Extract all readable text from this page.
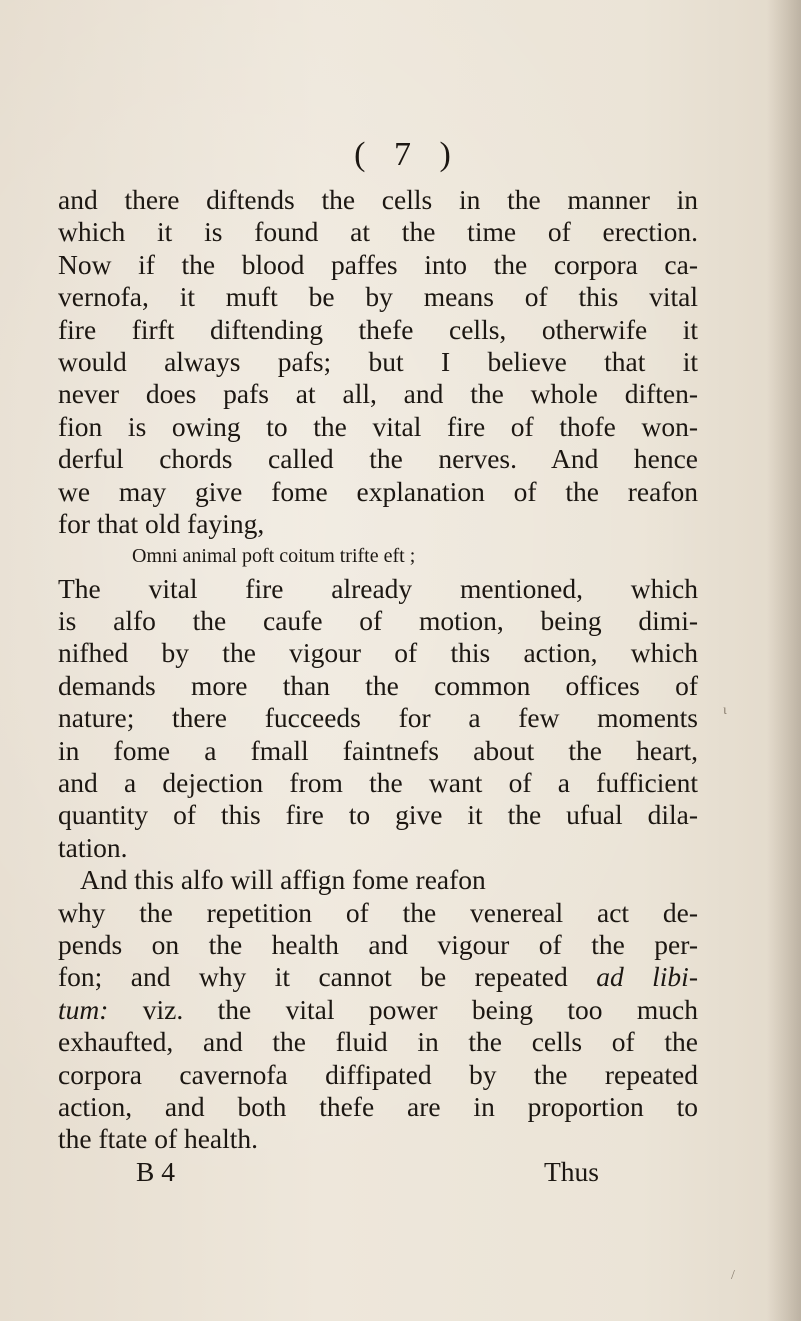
( 7 )
and there diftends the cells in the manner in
which it is found at the time of erection.
Now if the blood paffes into the corpora ca-
vernofa, it muft be by means of this vital
fire firft diftending thefe cells, otherwife it
would always pafs; but I believe that it
never does pafs at all, and the whole diften-
fion is owing to the vital fire of thofe won-
derful chords called the nerves. And hence
we may give fome explanation of the reafon
for that old faying,
Omni animal poft coitum trifte eft ;
The vital fire already mentioned, which
is alfo the caufe of motion, being dimi-
nifhed by the vigour of this action, which
demands more than the common offices of
nature; there fucceeds for a few moments
in fome a fmall faintnefs about the heart,
and a dejection from the want of a fufficient
quantity of this fire to give it the ufual dila-
tation.
And this alfo will affign fome reafon
why the repetition of the venereal act de-
pends on the health and vigour of the per-
fon; and why it cannot be repeated ad libi-
tum: viz. the vital power being too much
exhaufted, and the fluid in the cells of the
corpora cavernofa diffipated by the repeated
action, and both thefe are in proportion to
the ftate of health.
B 4	Thus
ι
/
